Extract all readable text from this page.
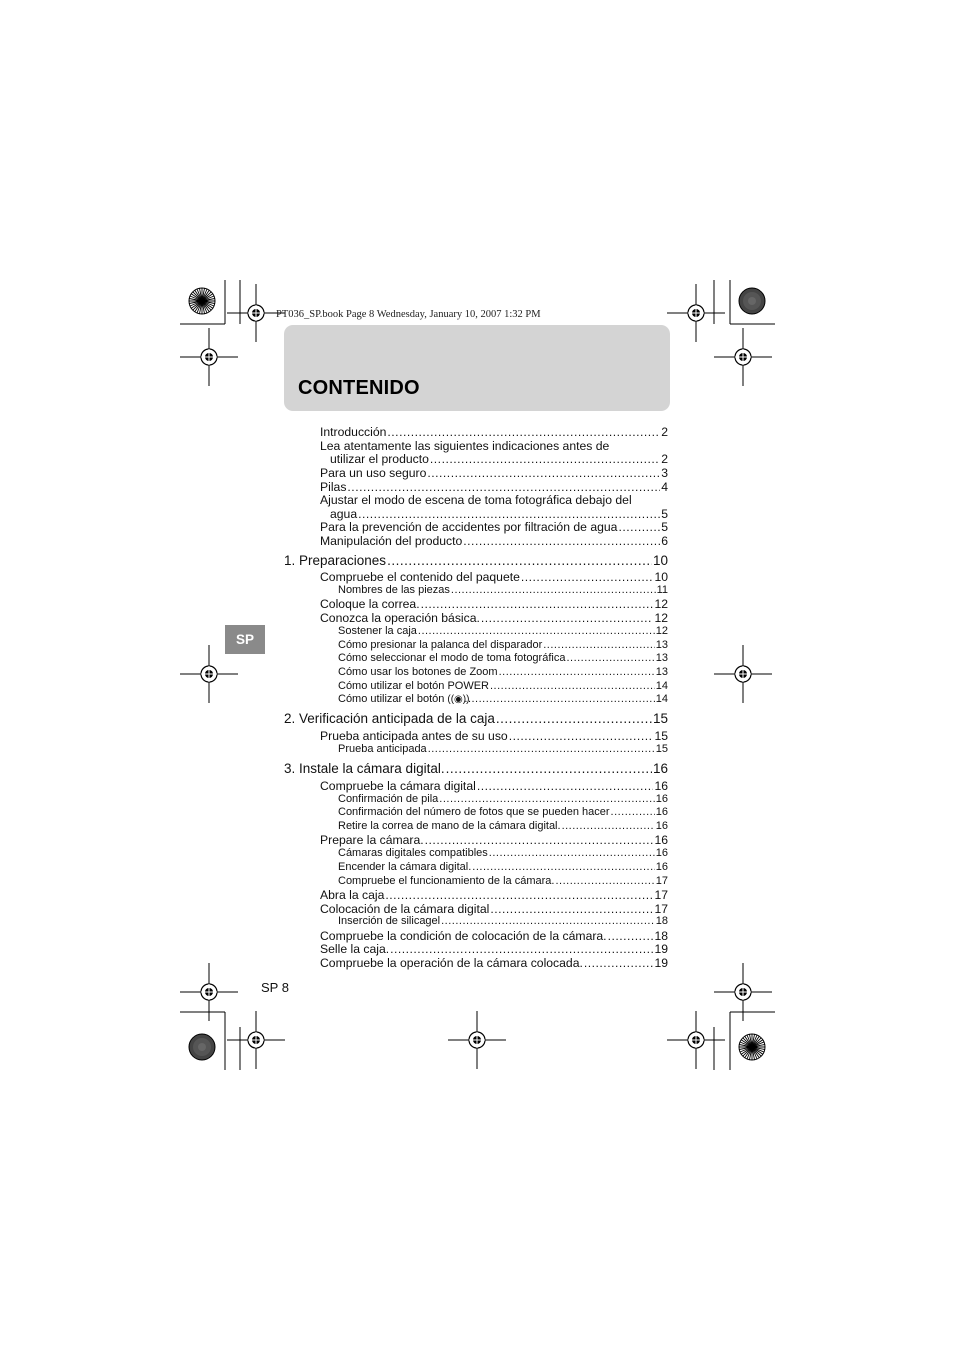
PT036_SP.book Page 8 Wednesday, January 10, 2007 1:32 PM
CONTENIDO
SP
Introducción .....	2
Lea atentamente las siguientes indicaciones antes de
utilizar el producto .....	2
Para un uso seguro .....	3
Pilas .....	4
Ajustar el modo de escena de toma fotográfica debajo del
agua .....	5
Para la prevención de accidentes por filtración de agua .....	5
Manipulación del producto .....	6
1. Preparaciones .....	10
Compruebe el contenido del paquete .....	10
Nombres de las piezas .....	11
Coloque la correa. .....	12
Conozca la operación básica. .....	12
Sostener la caja .....	12
Cómo presionar la palanca del disparador .....	13
Cómo seleccionar el modo de toma fotográfica .....	13
Cómo usar los botones de Zoom .....	13
Cómo utilizar el botón POWER .....	14
Cómo utilizar el botón ((◉)) .....	14
2. Verificación anticipada de la caja .....	15
Prueba anticipada antes de su uso .....	15
Prueba anticipada .....	15
3. Instale la cámara digital. .....	16
Compruebe la cámara digital .....	16
Confirmación de pila .....	16
Confirmación del número de fotos que se pueden hacer .....	16
Retire la correa de mano de la cámara digital. .....	16
Prepare la cámara. .....	16
Cámaras digitales compatibles .....	16
Encender la cámara digital. .....	16
Compruebe el funcionamiento de la cámara. .....	17
Abra la caja .....	17
Colocación de la cámara digital .....	17
Inserción de silicagel .....	18
Compruebe la condición de colocación de la cámara. .....	18
Selle la caja. .....	19
Compruebe la operación de la cámara colocada. .....	19
SP 8
